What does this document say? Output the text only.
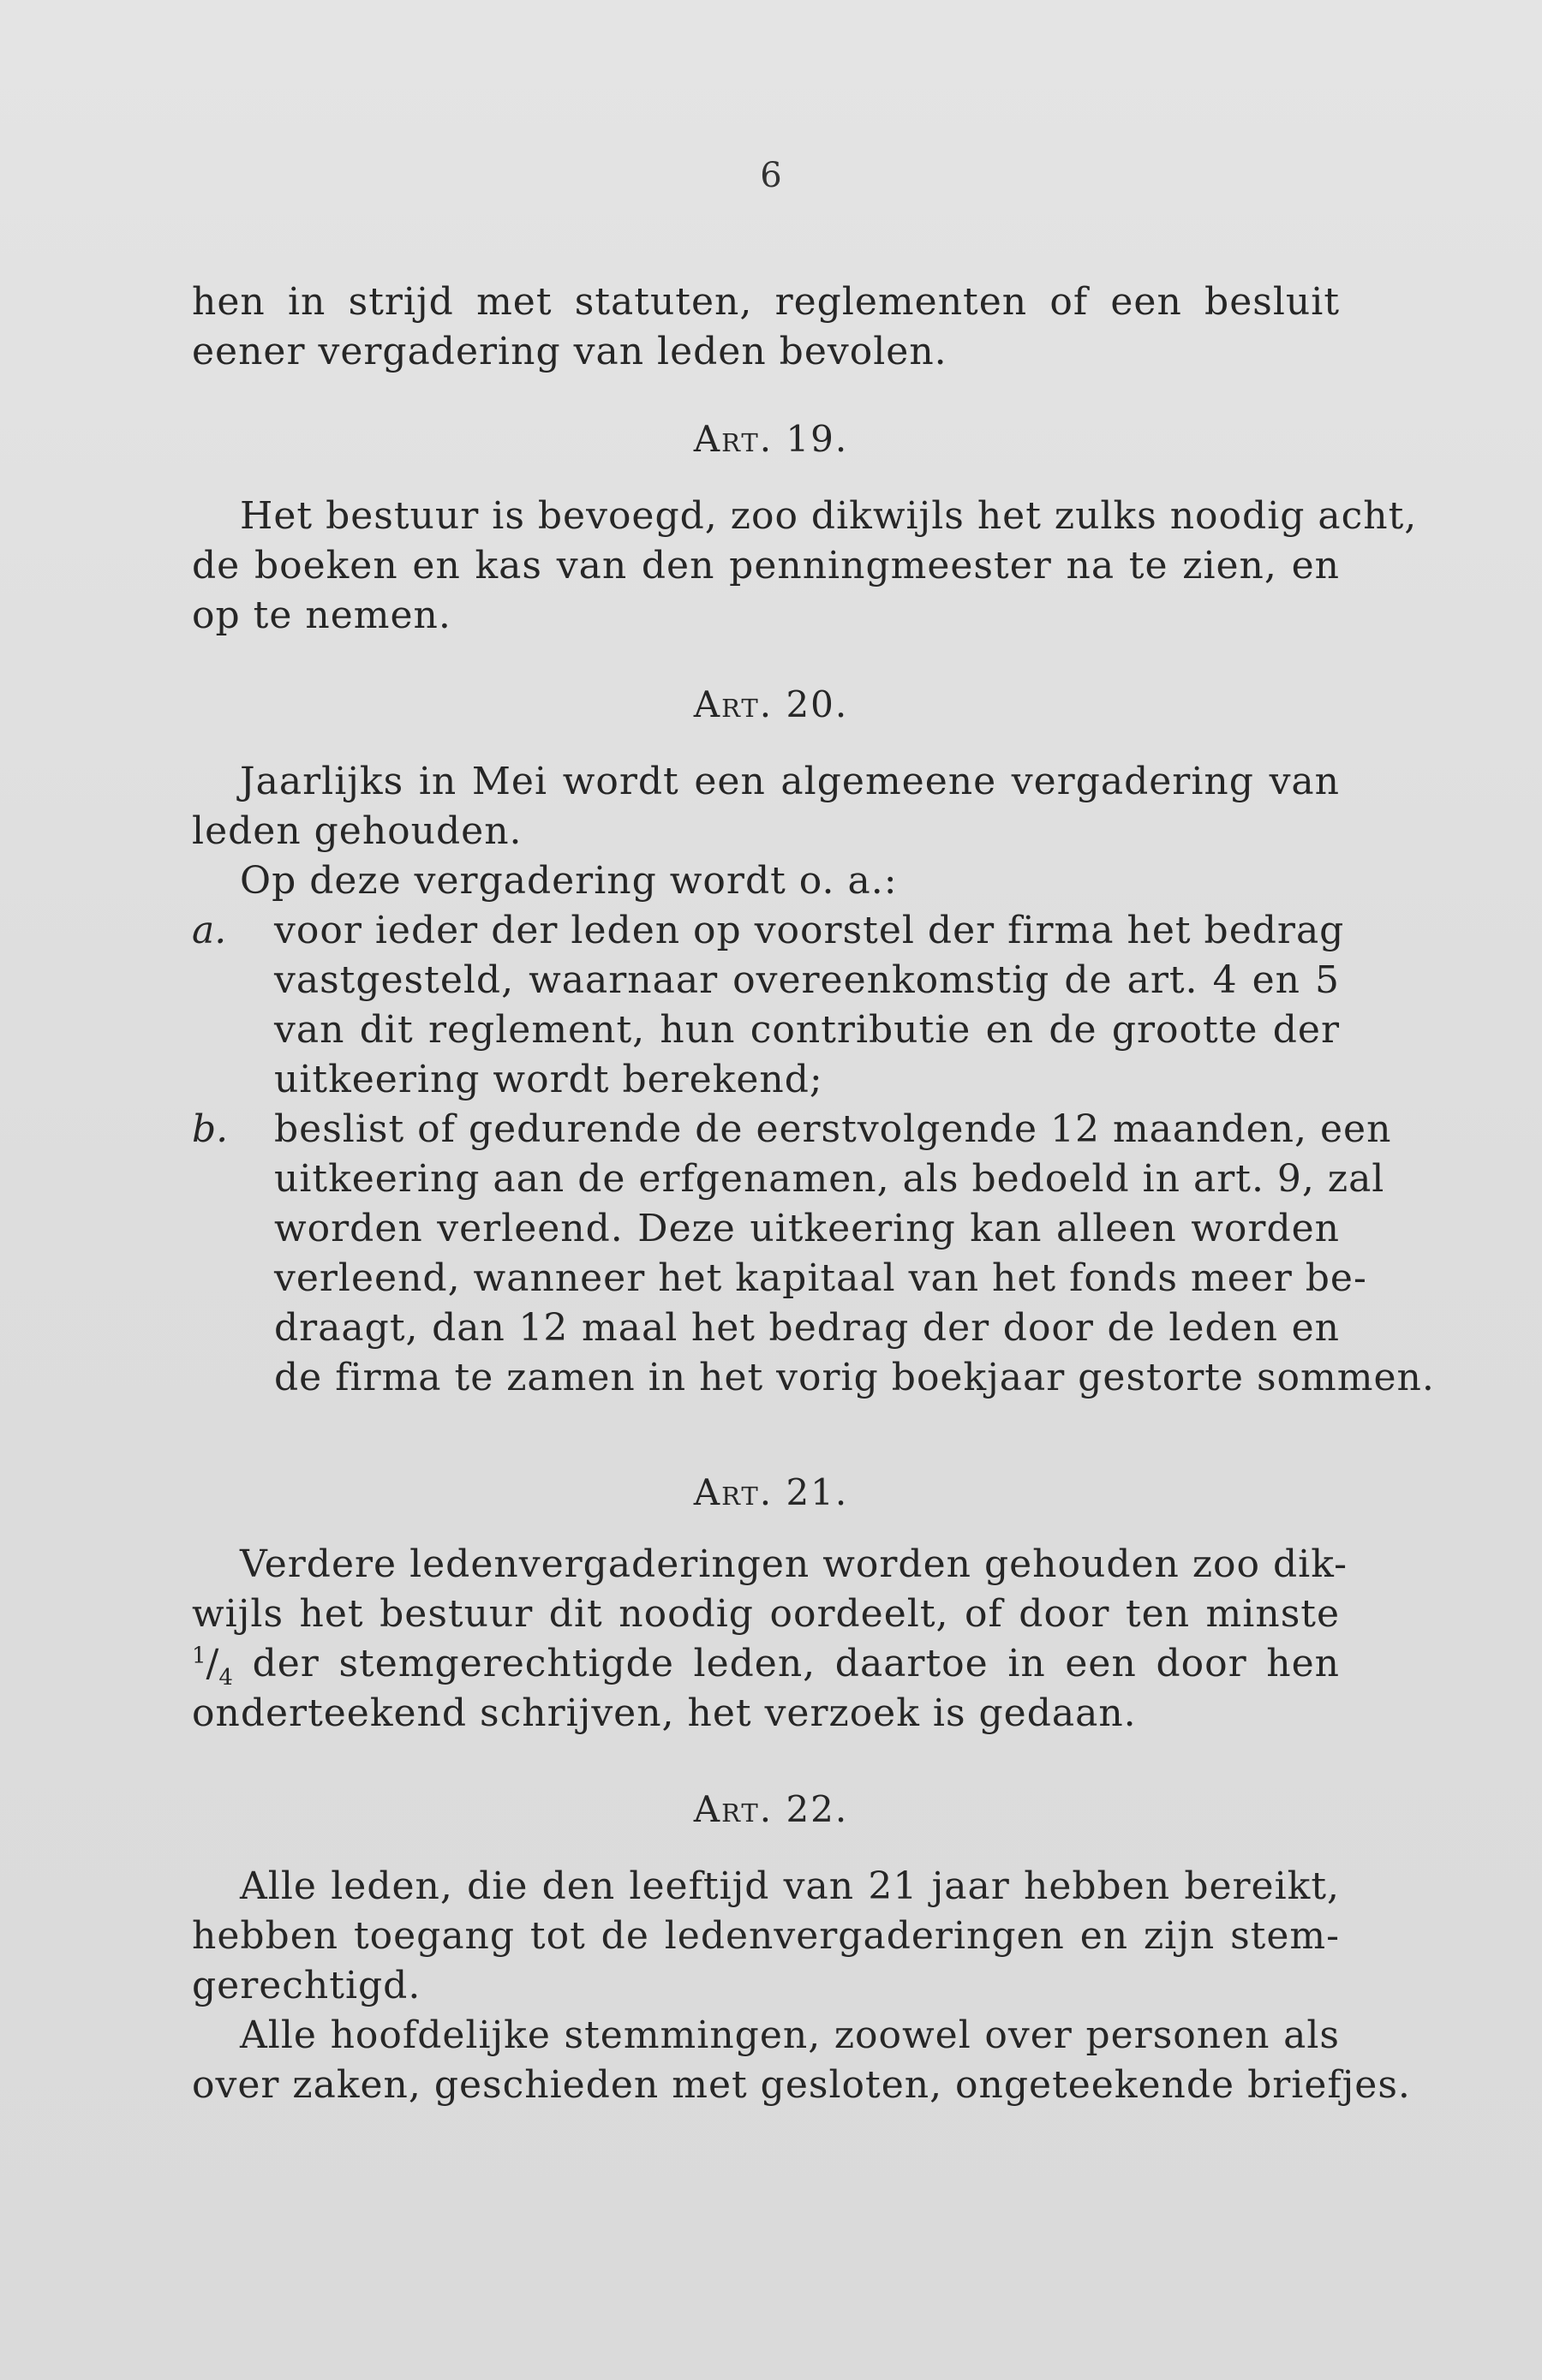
6
hen in strijd met statuten, reglementen of een besluit
eener vergadering van leden bevolen.
Art. 19.
Het bestuur is bevoegd, zoo dikwijls het zulks noodig acht,
de boeken en kas van den penningmeester na te zien, en
op te nemen.
Art. 20.
Jaarlijks in Mei wordt een algemeene vergadering van
leden gehouden.
Op deze vergadering wordt o. a.:
a. voor ieder der leden op voorstel der firma het bedrag
vastgesteld, waarnaar overeenkomstig de art. 4 en 5
van dit reglement, hun contributie en de grootte der
uitkeering wordt berekend;
b. beslist of gedurende de eerstvolgende 12 maanden, een
uitkeering aan de erfgenamen, als bedoeld in art. 9, zal
worden verleend. Deze uitkeering kan alleen worden
verleend, wanneer het kapitaal van het fonds meer be-
draagt, dan 12 maal het bedrag der door de leden en
de firma te zamen in het vorig boekjaar gestorte sommen.
Art. 21.
Verdere ledenvergaderingen worden gehouden zoo dik-
wijls het bestuur dit noodig oordeelt, of door ten minste
$^1/_4$ der stemgerechtigde leden, daartoe in een door hen
onderteekend schrijven, het verzoek is gedaan.
Art. 22.
Alle leden, die den leeftijd van 21 jaar hebben bereikt,
hebben toegang tot de ledenvergaderingen en zijn stem-
gerechtigd.
Alle hoofdelijke stemmingen, zoowel over personen als
over zaken, geschieden met gesloten, ongeteekende briefjes.
